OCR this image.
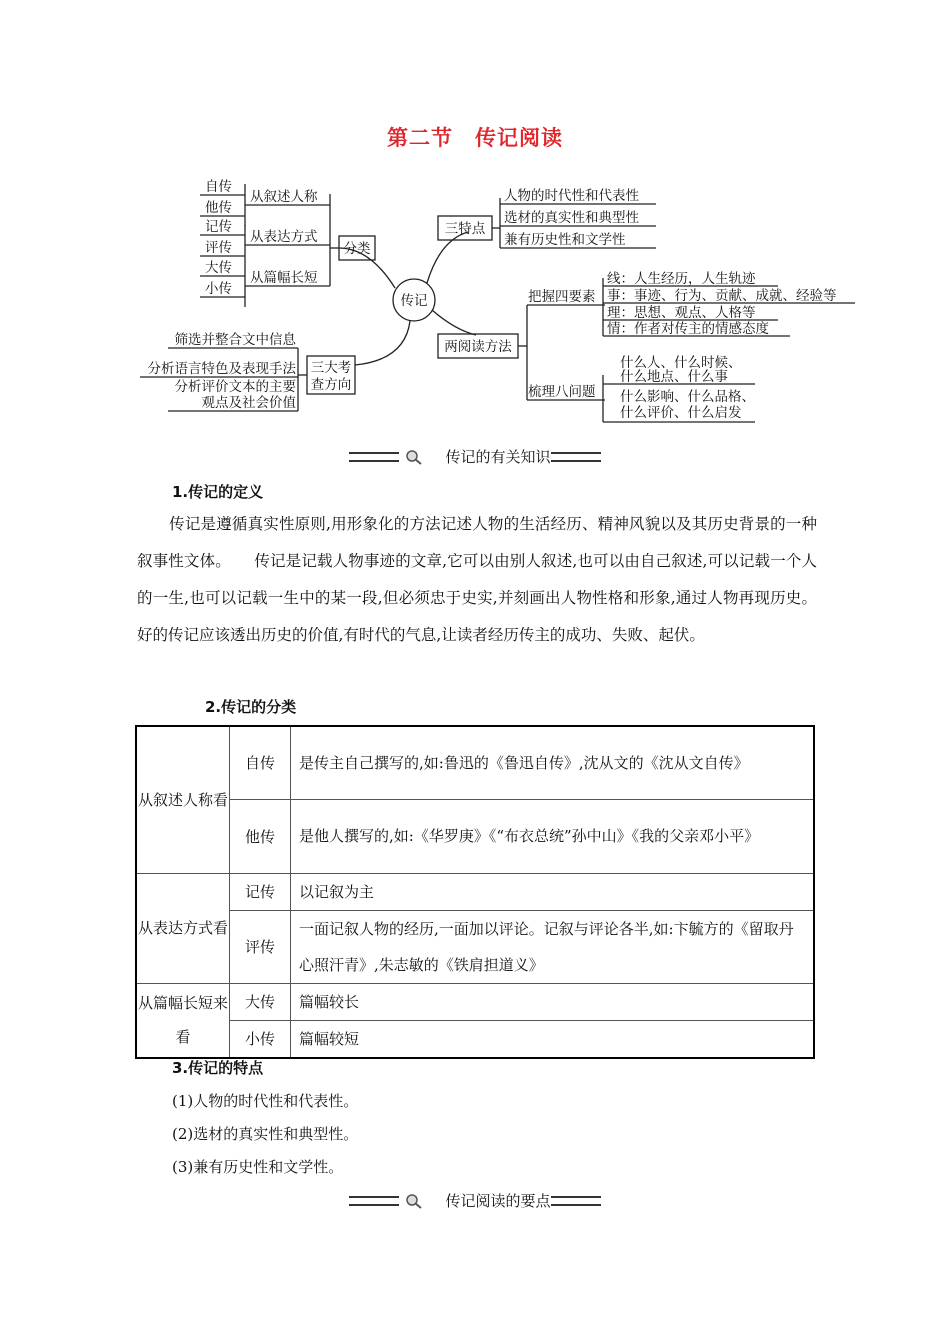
第二节　传记阅读
传记
分类
从叙述人称
从表达方式
从篇幅长短
自传
他传
记传
评传
大传
小传
三特点
人物的时代性和代表性
选材的真实性和典型性
兼有历史性和文学性
两阅读方法
把握四要素
梳理八问题
线：人生经历，人生轨迹
事：事迹、行为、贡献、成就、经验等
理：思想、观点、人格等
情：作者对传主的情感态度
什么人、什么时候、
什么地点、什么事
什么影响、什么品格、
什么评价、什么启发
三大考
查方向
筛选并整合文中信息
分析语言特色及表现手法
分析评价文本的主要
观点及社会价值
传记的有关知识
1.传记的定义
传记是遵循真实性原则,用形象化的方法记述人物的生活经历、精神风貌以及其历史背景的一种叙事性文体。　　传记是记载人物事迹的文章,它可以由别人叙述,也可以由自己叙述,可以记载一个人的一生,也可以记载一生中的某一段,但必须忠于史实,并刻画出人物性格和形象,通过人物再现历史。好的传记应该透出历史的价值,有时代的气息,让读者经历传主的成功、失败、起伏。
2.传记的分类
从叙述人称看	自传	是传主自己撰写的,如:鲁迅的《鲁迅自传》,沈从文的《沈从文自传》
	他传	是他人撰写的,如:《华罗庚》《“布衣总统”孙中山》《我的父亲邓小平》
从表达方式看	记传	以记叙为主
	评传	一面记叙人物的经历,一面加以评论。记叙与评论各半,如:卞毓方的《留取丹心照汗青》,朱志敏的《铁肩担道义》
从篇幅长短来看	大传	篇幅较长
	小传	篇幅较短
3.传记的特点
(1)人物的时代性和代表性。
(2)选材的真实性和典型性。
(3)兼有历史性和文学性。
传记阅读的要点
